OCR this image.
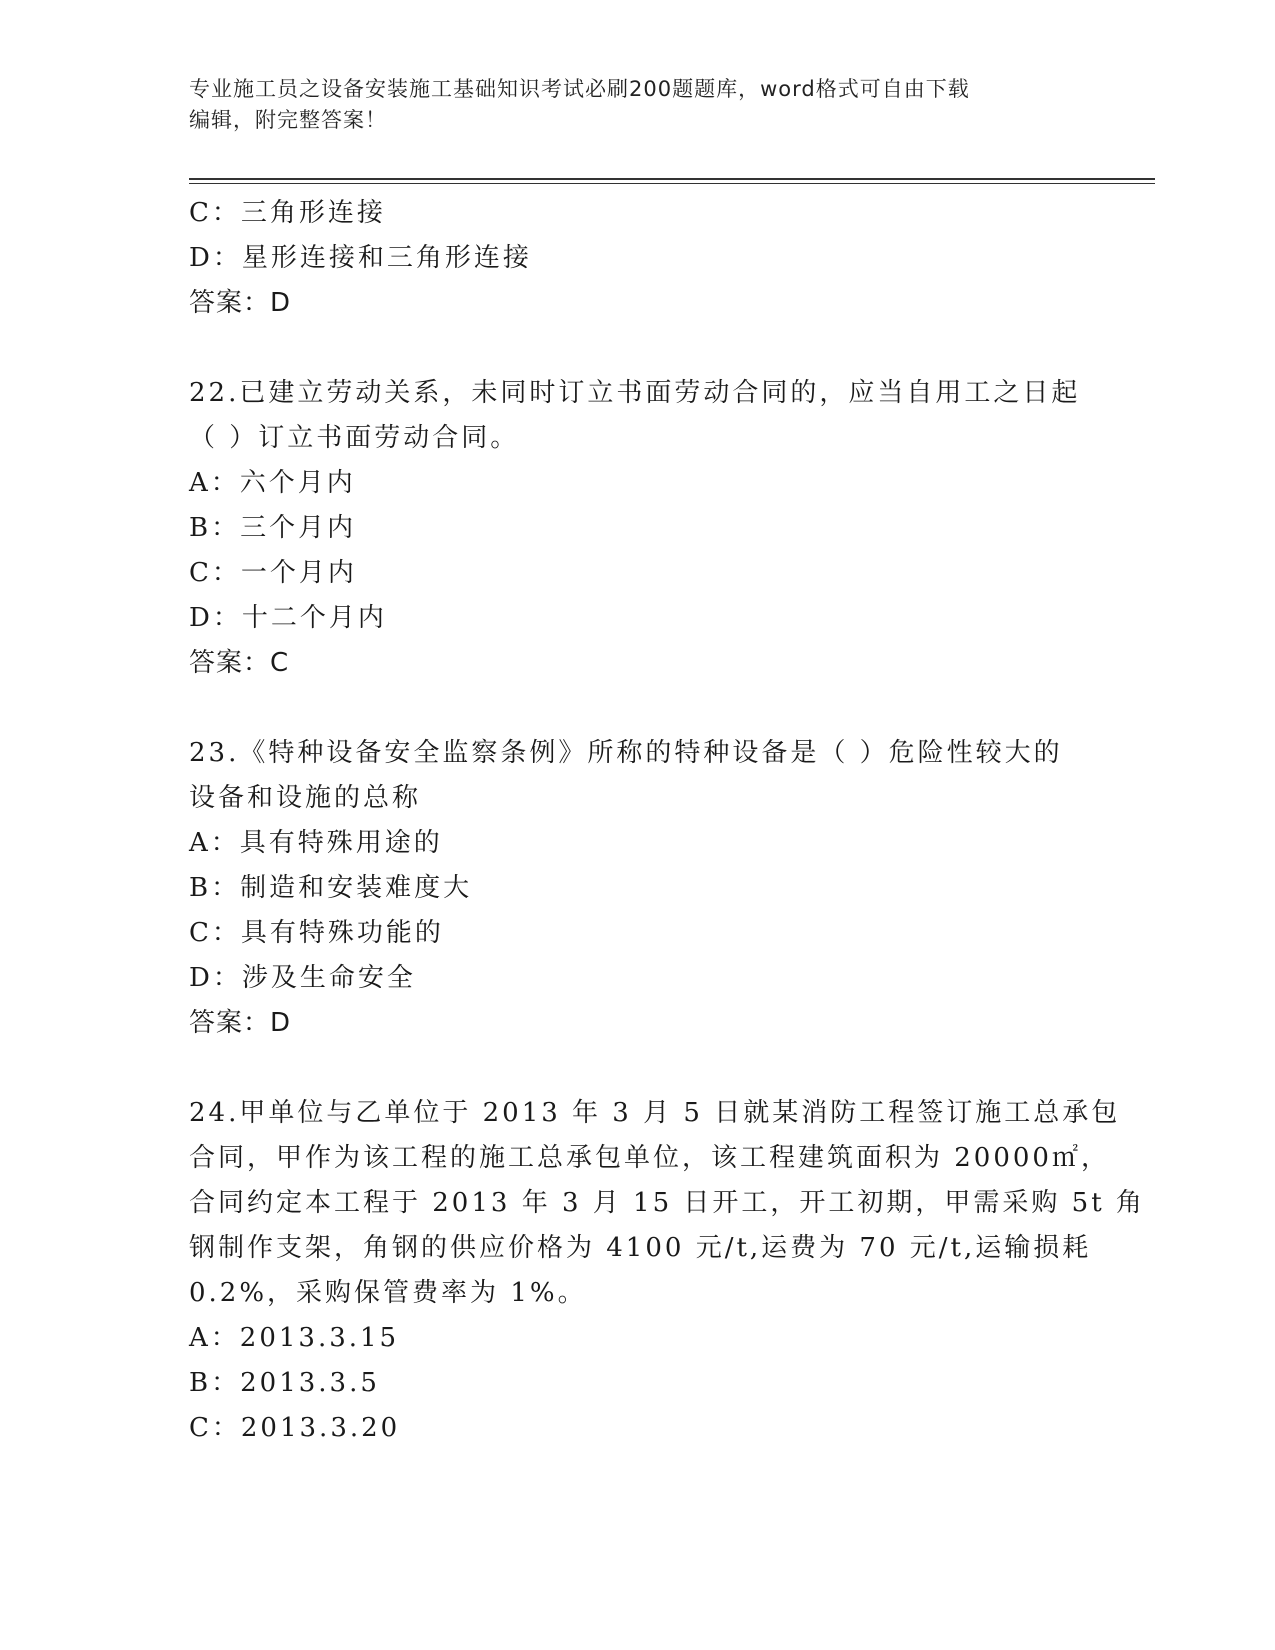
专业施工员之设备安装施工基础知识考试必刷200题题库，word格式可自由下载
编辑，附完整答案！
C：三角形连接
D：星形连接和三角形连接
答案：D
22.已建立劳动关系，未同时订立书面劳动合同的，应当自用工之日起
（ ）订立书面劳动合同。
A：六个月内
B：三个月内
C：一个月内
D：十二个月内
答案：C
23.《特种设备安全监察条例》所称的特种设备是（ ）危险性较大的
设备和设施的总称
A：具有特殊用途的
B：制造和安装难度大
C：具有特殊功能的
D：涉及生命安全
答案：D
24.甲单位与乙单位于 2013 年 3 月 5 日就某消防工程签订施工总承包
合同，甲作为该工程的施工总承包单位，该工程建筑面积为 20000㎡，
合同约定本工程于 2013 年 3 月 15 日开工，开工初期，甲需采购 5t 角
钢制作支架，角钢的供应价格为 4100 元/t,运费为 70 元/t,运输损耗
0.2%，采购保管费率为 1%。
A：2013.3.15
B：2013.3.5
C：2013.3.20
